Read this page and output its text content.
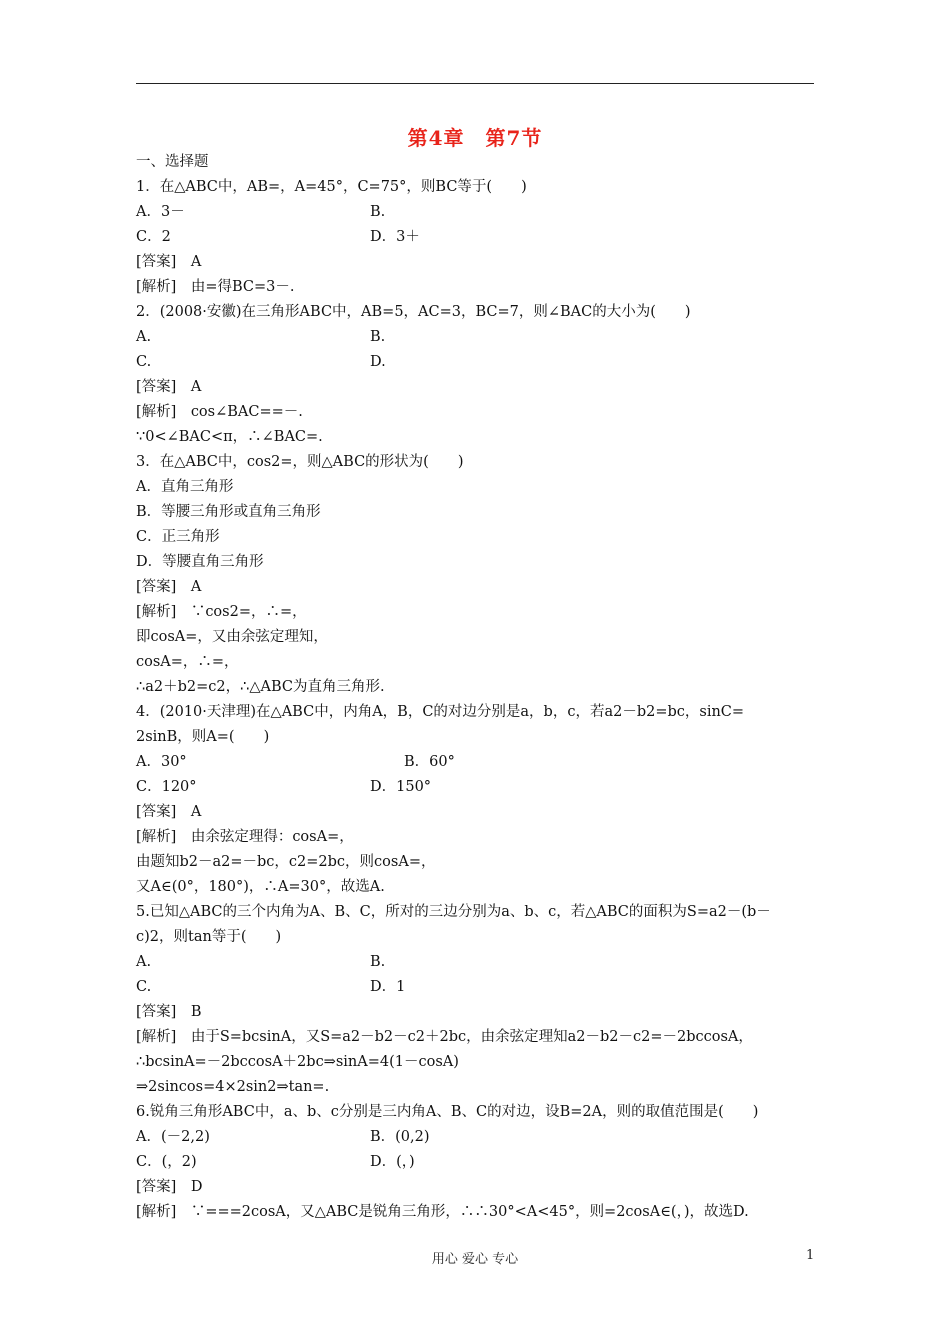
第4章　第7节
一、选择题
1．在△ABC中，AB=，A=45°，C=75°，则BC等于(　　)
A．3－	B.
C．2	D．3＋
[答案]　A
[解析]　由=得BC=3－.
2．(2008·安徽)在三角形ABC中，AB=5，AC=3，BC=7，则∠BAC的大小为(　　)
A.	B.
C.	D.
[答案]　A
[解析]　cos∠BAC==－.
∵0<∠BAC<π，∴∠BAC=.
3．在△ABC中，cos2=，则△ABC的形状为(　　)
A．直角三角形
B．等腰三角形或直角三角形
C．正三角形
D．等腰直角三角形
[答案]　A
[解析]　∵cos2=，∴=，
即cosA=，又由余弦定理知，
cosA=，∴=，
∴a2＋b2=c2，∴△ABC为直角三角形.
4．(2010·天津理)在△ABC中，内角A，B，C的对边分别是a，b，c，若a2－b2=bc，sinC=
2sinB，则A=(　　)
A．30°	B．60°
C．120°	D．150°
[答案]　A
[解析]　由余弦定理得：cosA=，
由题知b2－a2=－bc，c2=2bc，则cosA=，
又A∈(0°，180°)，∴A=30°，故选A.
5.已知△ABC的三个内角为A、B、C，所对的三边分别为a、b、c，若△ABC的面积为S=a2－(b－
c)2，则tan等于(　　)
A.	B.
C.	D．1
[答案]　B
[解析]　由于S=bcsinA，又S=a2－b2－c2＋2bc，由余弦定理知a2－b2－c2=－2bccosA，
∴bcsinA=－2bccosA＋2bc⇒sinA=4(1－cosA)
⇒2sincos=4×2sin2⇒tan=.
6.锐角三角形ABC中，a、b、c分别是三内角A、B、C的对边，设B=2A，则的取值范围是(　　)
A．(－2,2)	B．(0,2)
C．(，2)	D．(，)
[答案]　D
[解析]　∵===2cosA，又△ABC是锐角三角形，∴∴30°<A<45°，则=2cosA∈(，)，故选D.
用心 爱心 专心	1
